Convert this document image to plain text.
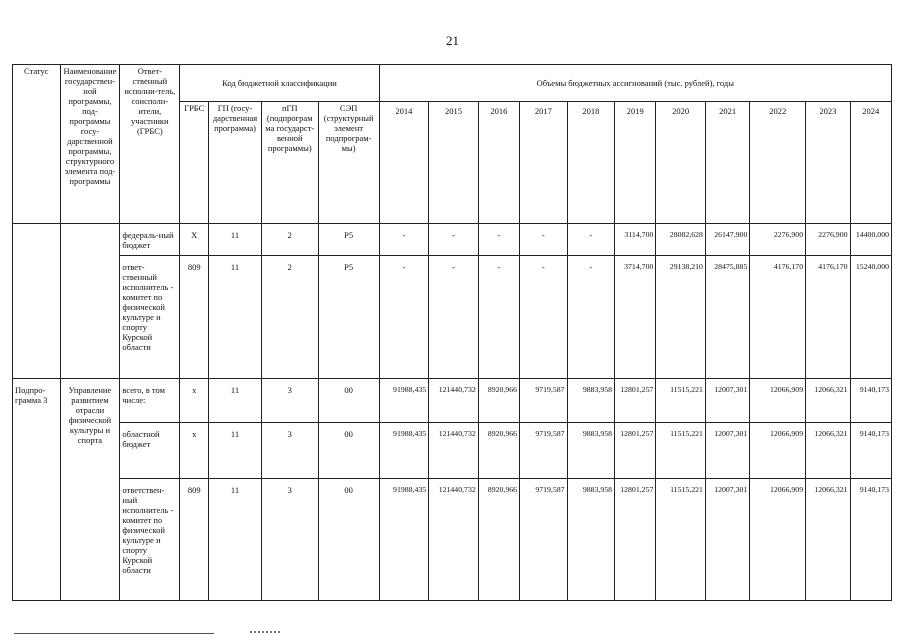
21
Статус	Наименование государствен-ной программы, под-программы госу-дарственной программы, структурного элемента под-программы	Ответ-ственный исполни-тель, соисполн-ители, участники (ГРБС)	Код бюджетной классификации				Объемы бюджетных ассигнований (тыс. рублей), годы										
			ГРБС	ГП (госу-дарственная программа)	пГП (подпрограм ма государст-венной программы)	СЭП (структурный элемент подпрограм-мы)	2014	2015	2016	2017	2018	2019	2020	2021	2022	2023	2024
		федераль-ный бюджет	Х	11	2	Р5	-	-	-	-	-	3114,700	28082,628	26147,900	2276,900	2276,900	14400,000
		ответ-ственный исполнитель - комитет по физической культуре и спорту Курской области	809	11	2	Р5	-	-	-	-	-	3714,700	29138,210	28475,885	4176,170	4176,170	15240,000
Подпро-грамма 3	Управление развитием отрасли физической культуры и спорта	всего, в том числе:	х	11	3	00	91988,435	121440,732	8920,966	9719,587	9883,958	12801,257	11515,221	12007,301	12066,909	12066,321	9140,173
		областной бюджет	х	11	3	00	91988,435	121440,732	8920,966	9719,587	9883,958	12801,257	11515,221	12007,301	12066,909	12066,321	9140,173
		ответствен-ный исполнитель - комитет по физической культуре и спорту Курской области	809	11	3	00	91988,435	121440,732	8920,966	9719,587	9883,958	12801,257	11515,221	12007,301	12066,909	12066,321	9140,173
